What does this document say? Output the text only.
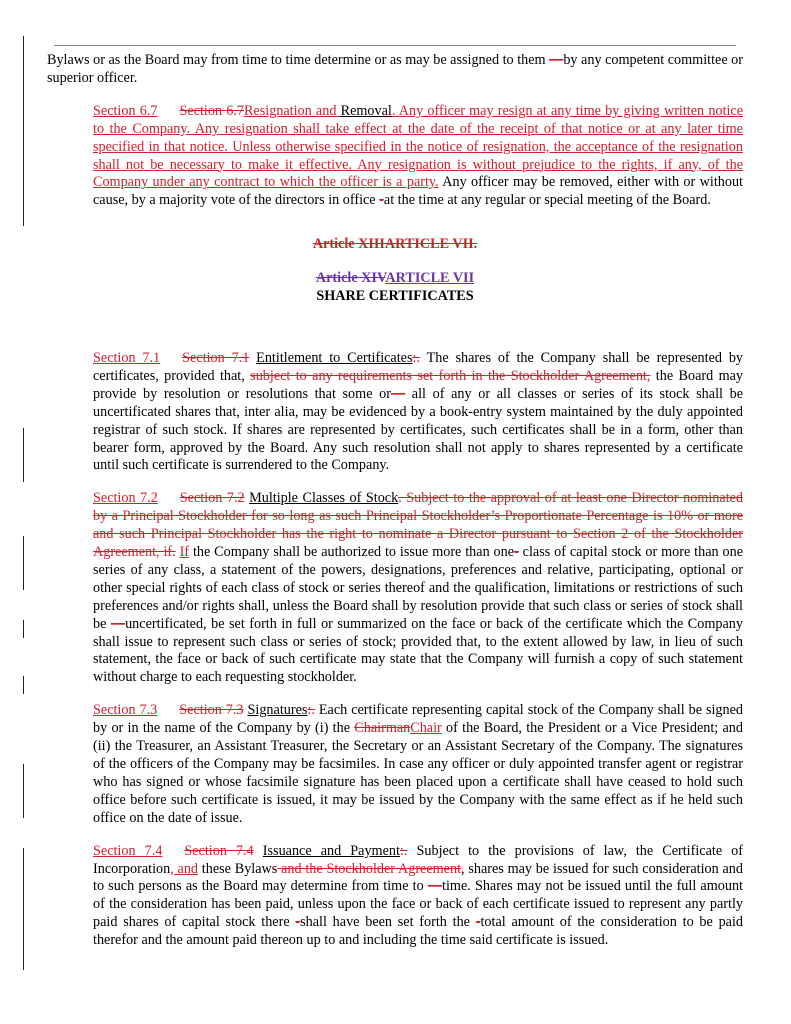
Bylaws or as the Board may from time to time determine or as may be assigned to them —by any competent committee or superior officer.

Section 6.7 Section 6.7Resignation and Removal. Any officer may resign at any time by giving written notice to the Company. Any resignation shall take effect at the date of the receipt of that notice or at any later time specified in that notice. Unless otherwise specified in the notice of resignation, the acceptance of the resignation shall not be necessary to make it effective. Any resignation is without prejudice to the rights, if any, of the Company under any contract to which the officer is a party. Any officer may be removed, either with or without cause, by a majority vote of the directors in office -at the time at any regular or special meeting of the Board.

Article XIIIARTICLE VII.

Article XIVARTICLE VII

SHARE CERTIFICATES

Section 7.1 Section 7.1 Entitlement to Certificates:. The shares of the Company shall be represented by certificates, provided that, subject to any requirements set forth in the Stockholder Agreement, the Board may provide by resolution or resolutions that some or— all of any or all classes or series of its stock shall be uncertificated shares that, inter alia, may be evidenced by a book-entry system maintained by the duly appointed registrar of such stock. If shares are represented by certificates, such certificates shall be in a form, other than bearer form, approved by the Board. Any such resolution shall not apply to shares represented by a certificate until such certificate is surrendered to the Company.

Section 7.2 Section 7.2 Multiple Classes of Stock. Subject to the approval of at least one Director nominated by a Principal Stockholder for so long as such Principal Stockholder’s Proportionate Percentage is 10% or more and such Principal Stockholder has the right to nominate a Director pursuant to Section 2 of the Stockholder Agreement, if. If the Company shall be authorized to issue more than one- class of capital stock or more than one series of any class, a statement of the powers, designations, preferences and relative, participating, optional or other special rights of each class of stock or series thereof and the qualification, limitations or restrictions of such preferences and/or rights shall, unless the Board shall by resolution provide that such class or series of stock shall be —uncertificated, be set forth in full or summarized on the face or back of the certificate which the Company shall issue to represent such class or series of stock; provided that, to the extent allowed by law, in lieu of such statement, the face or back of such certificate may state that the Company will furnish a copy of such statement without charge to each requesting stockholder.

Section 7.3 Section 7.3 Signatures:. Each certificate representing capital stock of the Company shall be signed by or in the name of the Company by (i) the ChairmanChair of the Board, the President or a Vice President; and (ii) the Treasurer, an Assistant Treasurer, the Secretary or an Assistant Secretary of the Company. The signatures of the officers of the Company may be facsimiles. In case any officer or duly appointed transfer agent or registrar who has signed or whose facsimile signature has been placed upon a certificate shall have ceased to hold such office before such certificate is issued, it may be issued by the Company with the same effect as if he held such office on the date of issue.

Section 7.4 Section 7.4 Issuance and Payment:. Subject to the provisions of law, the Certificate of Incorporation, and these Bylaws and the Stockholder Agreement, shares may be issued for such consideration and to such persons as the Board may determine from time to —time. Shares may not be issued until the full amount of the consideration has been paid, unless upon the face or back of each certificate issued to represent any partly paid shares of capital stock there -shall have been set forth the -total amount of the consideration to be paid therefor and the amount paid thereon up to and including the time said certificate is issued.
